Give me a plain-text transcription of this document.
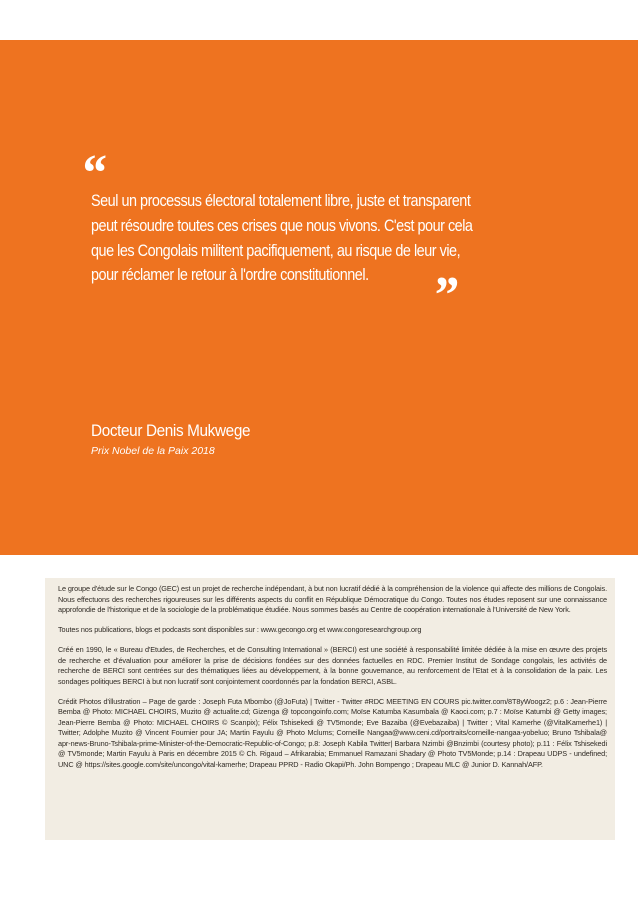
“

Seul un processus électoral totalement libre, juste et transparent
peut résoudre toutes ces crises que nous vivons. C'est pour cela
que les Congolais militent pacifiquement, au risque de leur vie,
pour réclamer le retour à l'ordre constitutionnel.	”
Docteur Denis Mukwege

Prix Nobel de la Paix 2018

Le groupe d'étude sur le Congo (GEC) est un projet de recherche indépendant, à but non lucratif dédié à la compréhension de la violence qui affecte des millions de Congolais. Nous effectuons des recherches rigoureuses sur les différents aspects du conflit en République Démocratique du Congo. Toutes nos études reposent sur une connaissance approfondie de l'historique et de la sociologie de la problématique étudiée. Nous sommes basés au Centre de coopération internationale à l'Université de New York.

Toutes nos publications, blogs et podcasts sont disponibles sur : www.gecongo.org et www.congoresearchgroup.org

Créé en 1990, le « Bureau d'Etudes, de Recherches, et de Consulting International » (BERCI) est une société à responsabilité limitée dédiée à la mise en œuvre des projets de recherche et d'évaluation pour améliorer la prise de décisions fondées sur des données factuelles en RDC. Premier Institut de Sondage congolais, les activités de recherche de BERCI sont centrées sur des thématiques liées au développement, à la bonne gouvernance, au renforcement de l'Etat et à la consolidation de la paix. Les sondages politiques BERCI à but non lucratif sont conjointement coordonnés par la fondation BERCI, ASBL.

Crédit Photos d'illustration – Page de garde : Joseph Futa Mbombo (@JoFuta) | Twitter - Twitter #RDC MEETING EN COURS pic.twitter.com/8T8yWoogz2; p.6 : Jean-Pierre Bemba @ Photo: MICHAEL CHOIRS, Muzito @ actualite.cd; Gizenga @ topcongoinfo.com; Moïse Katumba Kasumbala @ Kaoci.com; p.7 : Moïse Katumbi @ Getty images; Jean-Pierre Bemba @ Photo: MICHAEL CHOIRS © Scanpix); Félix Tshisekedi @ TV5monde; Eve Bazaiba (@Evebazaiba) | Twitter ; Vital Kamerhe (@VitalKamerhe1) | Twitter; Adolphe Muzito @ Vincent Fournier pour JA; Martin Fayulu @ Photo Mclums; Corneille Nangaa@www.ceni.cd/portraits/corneille-nangaa-yobeluo; Bruno Tshibala@ apr-news-Bruno-Tshibala-prime-Minister-of-the-Democratic-Republic-of-Congo; p.8: Joseph Kabila Twitter| Barbara Nzimbi @Bnzimbi (courtesy photo); p.11 : Félix Tshisekedi @ TV5monde; Martin Fayulu à Paris en décembre 2015 © Ch. Rigaud – Afrikarabia; Emmanuel Ramazani Shadary @ Photo TV5Monde; p.14 : Drapeau UDPS - undefined; UNC @ https://sites.google.com/site/uncongo/vital-kamerhe; Drapeau PPRD - Radio Okapi/Ph. John Bompengo ; Drapeau MLC @ Junior D. Kannah/AFP.
